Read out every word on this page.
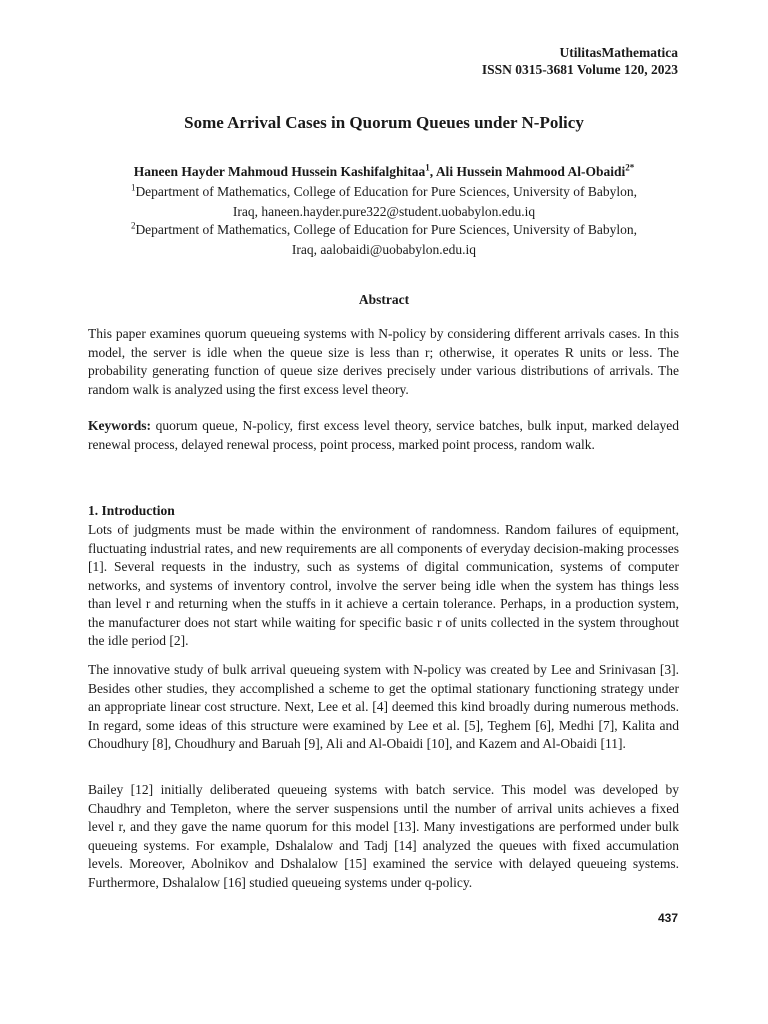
UtilitasMathematica
ISSN 0315-3681 Volume 120, 2023
Some Arrival Cases in Quorum Queues under N-Policy
Haneen Hayder Mahmoud Hussein Kashifalghitaa$^1$, Ali Hussein Mahmood Al-Obaidi$^{2*}$
$^1$Department of Mathematics, College of Education for Pure Sciences, University of Babylon,
Iraq, haneen.hayder.pure322@student.uobabylon.edu.iq
$^2$Department of Mathematics, College of Education for Pure Sciences, University of Babylon,
Iraq, aalobaidi@uobabylon.edu.iq
Abstract
This paper examines quorum queueing systems with N-policy by considering different arrivals cases. In this model, the server is idle when the queue size is less than r; otherwise, it operates R units or less. The probability generating function of queue size derives precisely under various distributions of arrivals. The random walk is analyzed using the first excess level theory.
Keywords: quorum queue, N-policy, first excess level theory, service batches, bulk input, marked delayed renewal process, delayed renewal process, point process, marked point process, random walk.
1. Introduction
Lots of judgments must be made within the environment of randomness. Random failures of equipment, fluctuating industrial rates, and new requirements are all components of everyday decision-making processes [1]. Several requests in the industry, such as systems of digital communication, systems of computer networks, and systems of inventory control, involve the server being idle when the system has things less than level r and returning when the stuffs in it achieve a certain tolerance. Perhaps, in a production system, the manufacturer does not start while waiting for specific basic r of units collected in the system throughout the idle period [2].
The innovative study of bulk arrival queueing system with N-policy was created by Lee and Srinivasan [3]. Besides other studies, they accomplished a scheme to get the optimal stationary functioning strategy under an appropriate linear cost structure. Next, Lee et al. [4] deemed this kind broadly during numerous methods. In regard, some ideas of this structure were examined by Lee et al. [5], Teghem [6], Medhi [7], Kalita and Choudhury [8], Choudhury and Baruah [9], Ali and Al-Obaidi [10], and Kazem and Al-Obaidi [11].
Bailey [12] initially deliberated queueing systems with batch service. This model was developed by Chaudhry and Templeton, where the server suspensions until the number of arrival units achieves a fixed level r, and they gave the name quorum for this model [13]. Many investigations are performed under bulk queueing systems. For example, Dshalalow and Tadj [14] analyzed the queues with fixed accumulation levels. Moreover, Abolnikov and Dshalalow [15] examined the service with delayed queueing systems. Furthermore, Dshalalow [16] studied queueing systems under q-policy.
437
